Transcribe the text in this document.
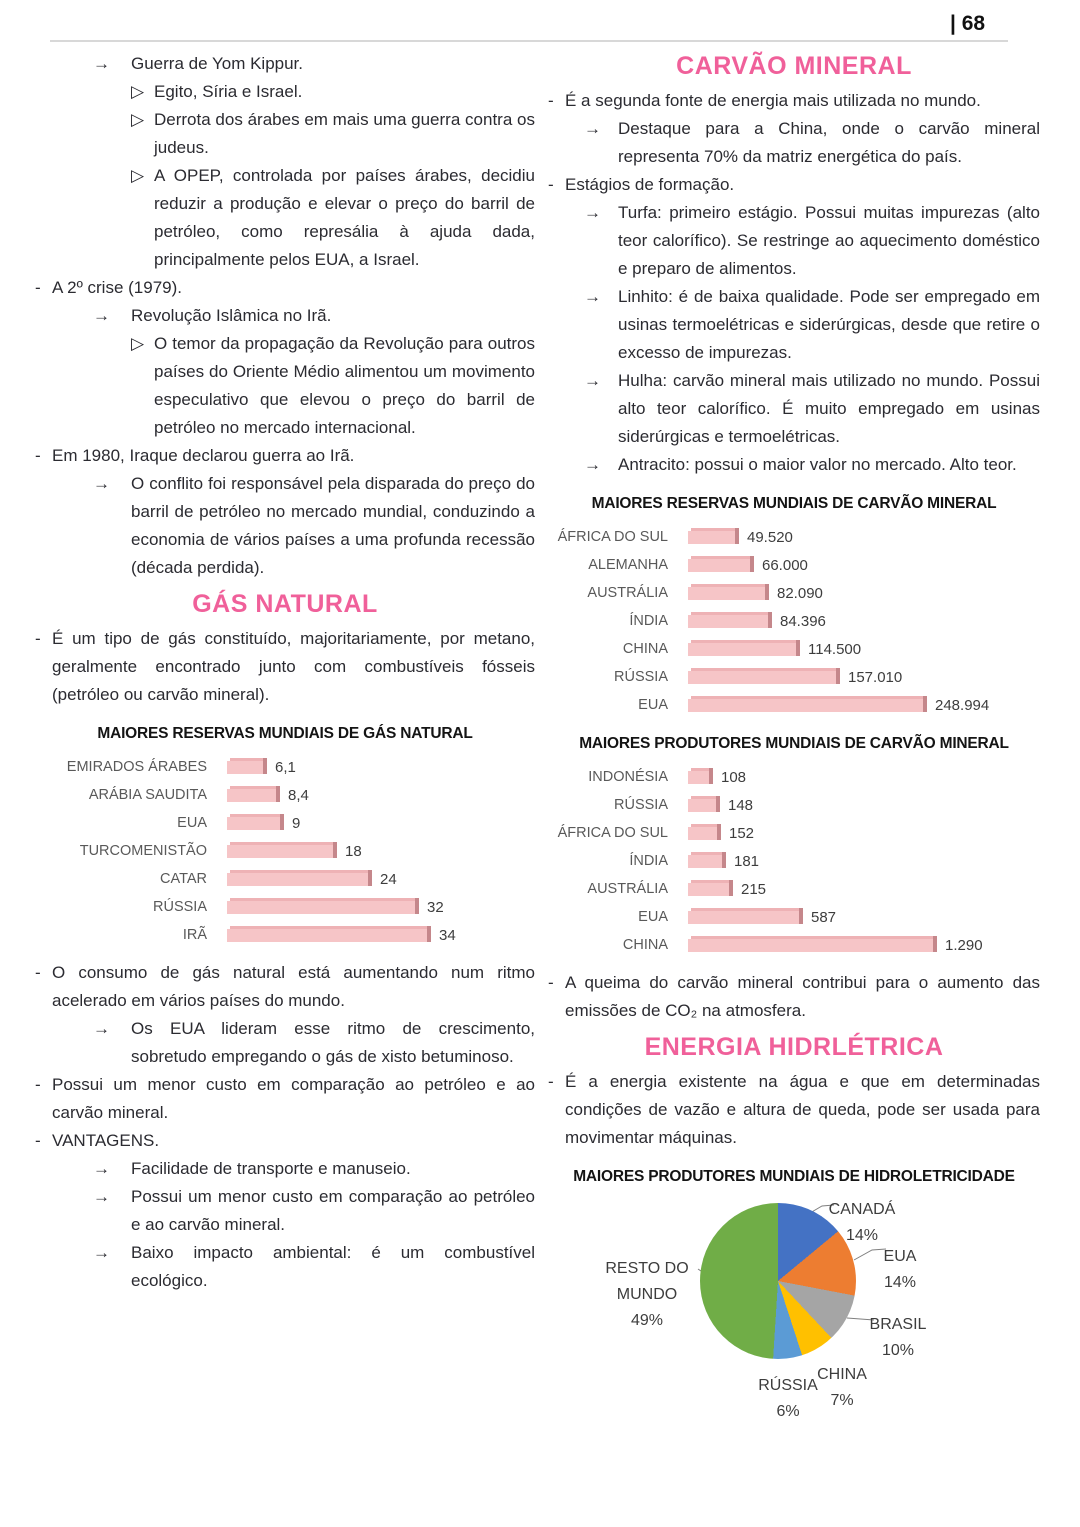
| 68
→	Guerra de Yom Kippur.
▷ Egito, Síria e Israel.
▷ Derrota dos árabes em mais uma guerra contra os judeus.
▷ A OPEP, controlada por países árabes, decidiu reduzir a produção e elevar o preço do barril de petróleo, como represália à ajuda dada, principalmente pelos EUA, a Israel.
- A 2º crise (1979).
→	Revolução Islâmica no Irã.
▷ O temor da propagação da Revolução para outros países do Oriente Médio alimentou um movimento especulativo que elevou o preço do barril de petróleo no mercado internacional.
- Em 1980, Iraque declarou guerra ao Irã.
→	O conflito foi responsável pela disparada do preço do barril de petróleo no mercado mundial, conduzindo a economia de vários países a uma profunda recessão (década perdida).
GÁS NATURAL
- É um tipo de gás constituído, majoritariamente, por metano, geralmente encontrado junto com combustíveis fósseis (petróleo ou carvão mineral).
MAIORES RESERVAS MUNDIAIS DE GÁS NATURAL
EMIRADOS ÁRABES	6,1
ARÁBIA SAUDITA	8,4
EUA	9
TURCOMENISTÃO	18
CATAR	24
RÚSSIA	32
IRÃ	34
- O consumo de gás natural está aumentando num ritmo acelerado em vários países do mundo.
→	Os EUA lideram esse ritmo de crescimento, sobretudo empregando o gás de xisto betuminoso.
- Possui um menor custo em comparação ao petróleo e ao carvão mineral.
- VANTAGENS.
→	Facilidade de transporte e manuseio.
→	Possui um menor custo em comparação ao petróleo e ao carvão mineral.
→	Baixo impacto ambiental: é um combustível ecológico.
CARVÃO MINERAL
- É a segunda fonte de energia mais utilizada no mundo.
→	Destaque para a China, onde o carvão mineral representa 70% da matriz energética do país.
- Estágios de formação.
→	Turfa: primeiro estágio. Possui muitas impurezas (alto teor calorífico). Se restringe ao aquecimento doméstico e preparo de alimentos.
→	Linhito: é de baixa qualidade. Pode ser empregado em usinas termoelétricas e siderúrgicas, desde que retire o excesso de impurezas.
→	Hulha: carvão mineral mais utilizado no mundo. Possui alto teor calorífico. É muito empregado em usinas siderúrgicas e termoelétricas.
→	Antracito: possui o maior valor no mercado. Alto teor.
MAIORES RESERVAS MUNDIAIS DE CARVÃO MINERAL
ÁFRICA DO SUL	49.520
ALEMANHA	66.000
AUSTRÁLIA	82.090
ÍNDIA	84.396
CHINA	114.500
RÚSSIA	157.010
EUA	248.994
MAIORES PRODUTORES MUNDIAIS DE CARVÃO MINERAL
INDONÉSIA	108
RÚSSIA	148
ÁFRICA DO SUL	152
ÍNDIA	181
AUSTRÁLIA	215
EUA	587
CHINA	1.290
- A queima do carvão mineral contribui para o aumento das emissões de CO₂ na atmosfera.
ENERGIA HIDRLÉTRICA
- É a energia existente na água e que em determinadas condições de vazão e altura de queda, pode ser usada para movimentar máquinas.
MAIORES PRODUTORES MUNDIAIS DE HIDROLETRICIDADE
CANADÁ
14%
EUA
14%
BRASIL
10%
CHINA
7%
RÚSSIA
6%
RESTO DO MUNDO
49%
